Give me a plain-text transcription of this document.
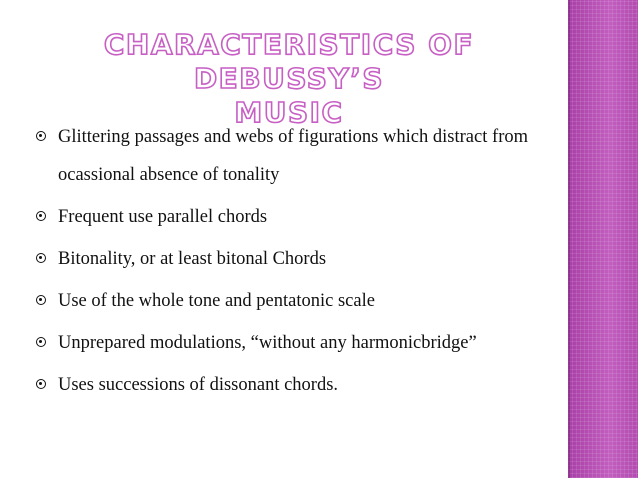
CHARACTERISTICS OF DEBUSSY’S
MUSIC
Glittering passages and webs of figurations which distract from ocassional absence of tonality
Frequent use parallel chords
Bitonality, or at least bitonal Chords
Use of the whole tone and pentatonic scale
Unprepared modulations, “without any harmonicbridge”
Uses successions of dissonant chords.
